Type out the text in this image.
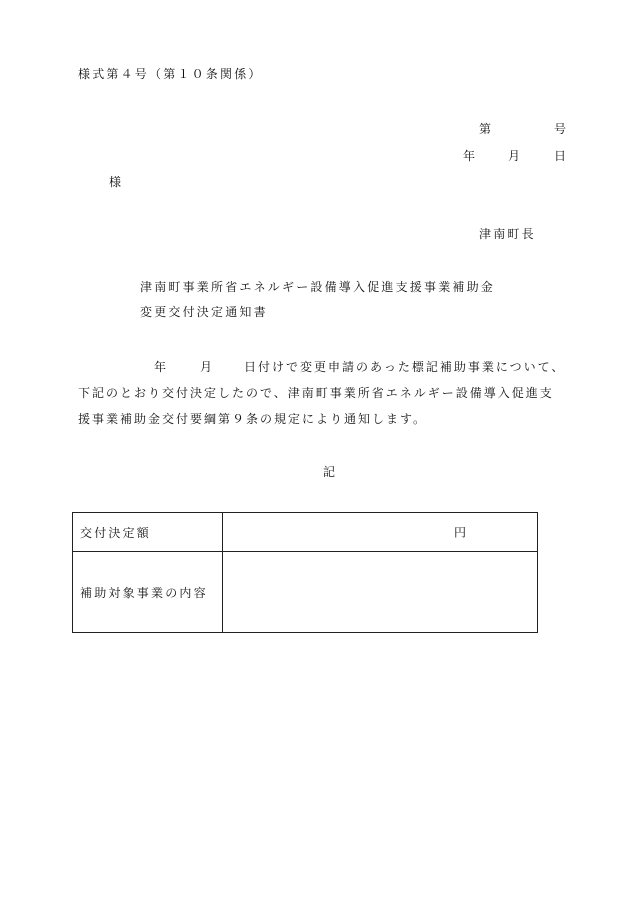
様式第４号（第１０条関係）
第	号
年	月	日
様
津南町長
津南町事業所省エネルギー設備導入促進支援事業補助金
変更交付決定通知書
年	月	日付けで変更申請のあった標記補助事業について、
下記のとおり交付決定したので、津南町事業所省エネルギー設備導入促進支
援事業補助金交付要綱第９条の規定により通知します。
記
交付決定額	円

補助対象事業の内容	
